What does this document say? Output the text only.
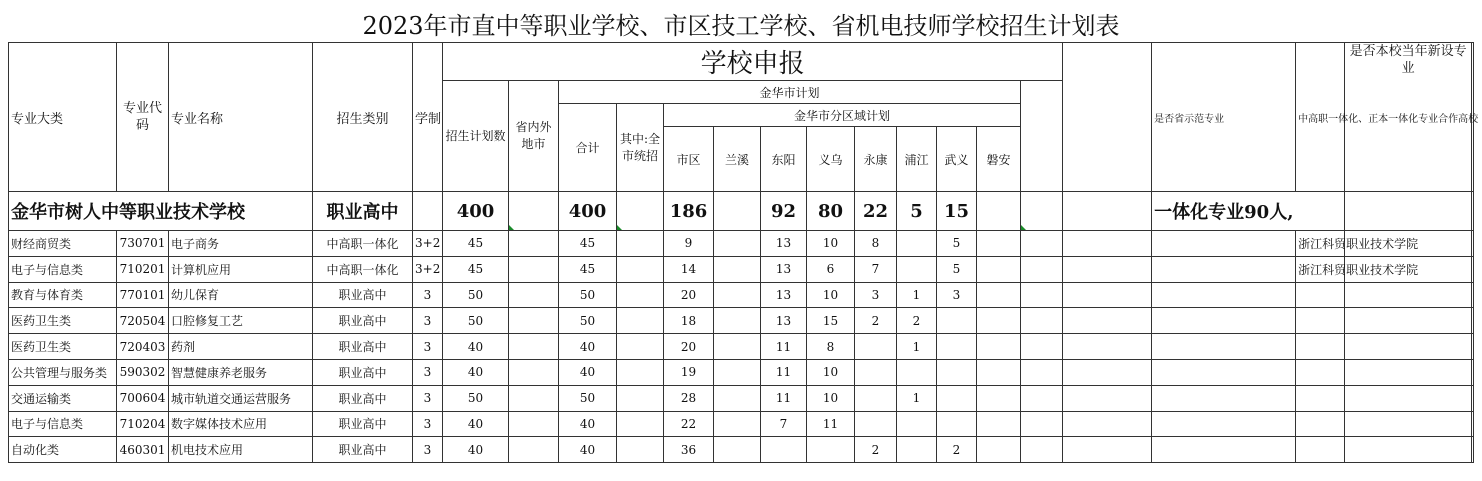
2023年市直中等职业学校、市区技工学校、省机电技师学校招生计划表
专业大类	专业代码	专业名称	招生类别	学制	学校申报														是否省示范专业	中高职一体化、正本一体化专业合作高校	是否本校当年新设专业	
					招生计划数	省内外地市	金华市计划															
							合计	其中:全市统招	金华市分区域计划													
									市区	兰溪	东阳	义乌	永康	浦江	武义	磐安						
金华市树人中等职业技术学校			职业高中		400		400		186		92	80	22	5	15				一体化专业90人,			
财经商贸类	730701	电子商务	中高职一体化	3+2	45		45		9		13	10	8		5					浙江科贸职业技术学院		
电子与信息类	710201	计算机应用	中高职一体化	3+2	45		45		14		13	6	7		5					浙江科贸职业技术学院		
教育与体育类	770101	幼儿保育	职业高中	3	50		50		20		13	10	3	1	3							
医药卫生类	720504	口腔修复工艺	职业高中	3	50		50		18		13	15	2	2								
医药卫生类	720403	药剂	职业高中	3	40		40		20		11	8		1								
公共管理与服务类	590302	智慧健康养老服务	职业高中	3	40		40		19		11	10										
交通运输类	700604	城市轨道交通运营服务	职业高中	3	50		50		28		11	10		1								
电子与信息类	710204	数字媒体技术应用	职业高中	3	40		40		22		7	11										
自动化类	460301	机电技术应用	职业高中	3	40		40		36				2		2							
